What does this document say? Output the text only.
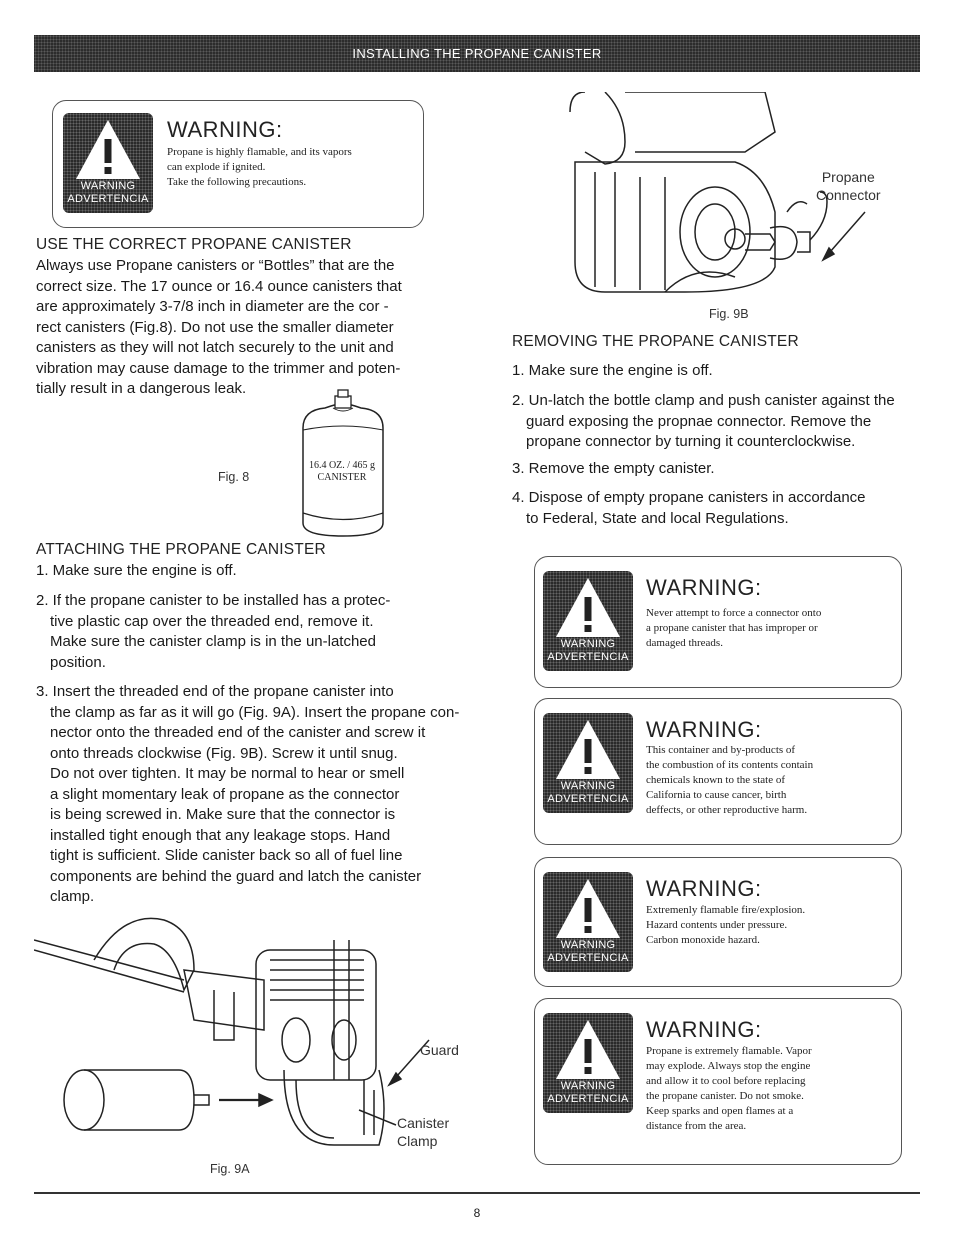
INSTALLING THE PROPANE CANISTER
WARNING
ADVERTENCIA
WARNING:
Propane is highly flamable, and its vapors
can explode if ignited.
Take the following precautions.
USE THE CORRECT PROPANE CANISTER
Always use Propane canisters or “Bottles” that are the
correct size. The 17 ounce or 16.4 ounce canisters that
are approximately 3-7/8 inch in diameter are the cor -
rect canisters (Fig.8). Do not use the smaller diameter
canisters as they will not latch securely to the unit and
vibration may cause damage to the trimmer and poten-
tially result in a dangerous leak.
Fig. 8
16.4 OZ. / 465 g
CANISTER
ATTACHING THE PROPANE CANISTER
1. Make sure the engine is off.
2. If the propane canister to be installed has a protec-
tive plastic cap over the threaded end, remove it.
Make sure the canister clamp is in the un-latched
position.
3. Insert the threaded end of the propane canister into
the clamp as far as it will go (Fig. 9A). Insert the propane con-
nector onto the threaded end of the canister and screw it
onto threads clockwise (Fig. 9B). Screw it until snug.
Do not over tighten. It may be normal to hear or smell
a slight momentary leak of propane as the connector
is being screwed in. Make sure that the connector is
installed tight enough that any leakage stops. Hand
tight is sufficient. Slide canister back so all of fuel line
components are behind the guard and latch the canister
clamp.
Guard
Canister
Clamp
Fig. 9A
Propane
Connector
Fig. 9B
REMOVING THE PROPANE CANISTER
1. Make sure the engine is off.
2. Un-latch the bottle clamp and push canister against the
guard exposing the propnae connector. Remove the
propane connector by turning it counterclockwise.
3. Remove the empty canister.
4. Dispose of empty propane canisters in accordance
to Federal, State and local Regulations.
WARNING
ADVERTENCIA
WARNING:
Never attempt to force a connector onto
a propane canister that has improper or
damaged threads.
WARNING
ADVERTENCIA
WARNING:
This container and by-products of
the combustion of its contents contain
chemicals known to the state of
California to cause cancer, birth
deffects, or other reproductive harm.
WARNING
ADVERTENCIA
WARNING:
Extremenly flamable fire/explosion.
Hazard contents under pressure.
Carbon monoxide hazard.
WARNING
ADVERTENCIA
WARNING:
Propane is extremely flamable. Vapor
may explode. Always stop the engine
and allow it to cool before replacing
the propane canister. Do not smoke.
Keep sparks and open flames at a
distance from the area.
8
